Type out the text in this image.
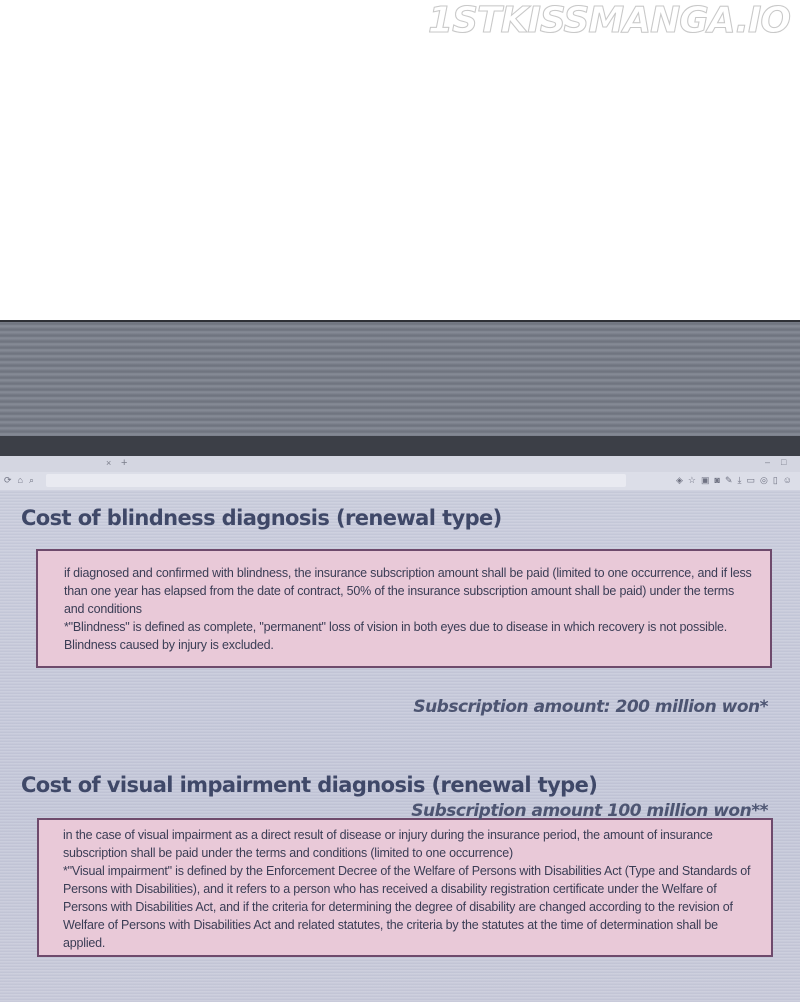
1STKISSMANGA.IO
× +	– □
⟳ ⌂ ⌕	◈ ☆ ▣ ◙ ✎ ⤓ ▭ ◎ ▯ ☺
Cost of blindness diagnosis (renewal type)

if diagnosed and confirmed with blindness, the insurance subscription amount shall be paid (limited to one occurrence, and if less than one year has elapsed from the date of contract, 50% of the insurance subscription amount shall be paid) under the terms and conditions

*"Blindness" is defined as complete, "permanent" loss of vision in both eyes due to disease in which recovery is not possible. Blindness caused by injury is excluded.

Subscription amount: 200 million won*
Cost of visual impairment diagnosis (renewal type)

in the case of visual impairment as a direct result of disease or injury during the insurance period, the amount of insurance subscription shall be paid under the terms and conditions (limited to one occurrence)

*"Visual impairment" is defined by the Enforcement Decree of the Welfare of Persons with Disabilities Act (Type and Standards of Persons with Disabilities), and it refers to a person who has received a disability registration certificate under the Welfare of Persons with Disabilities Act, and if the criteria for determining the degree of disability are changed according to the revision of Welfare of Persons with Disabilities Act and related statutes, the criteria by the statutes at the time of determination shall be applied.

Subscription amount 100 million won**
